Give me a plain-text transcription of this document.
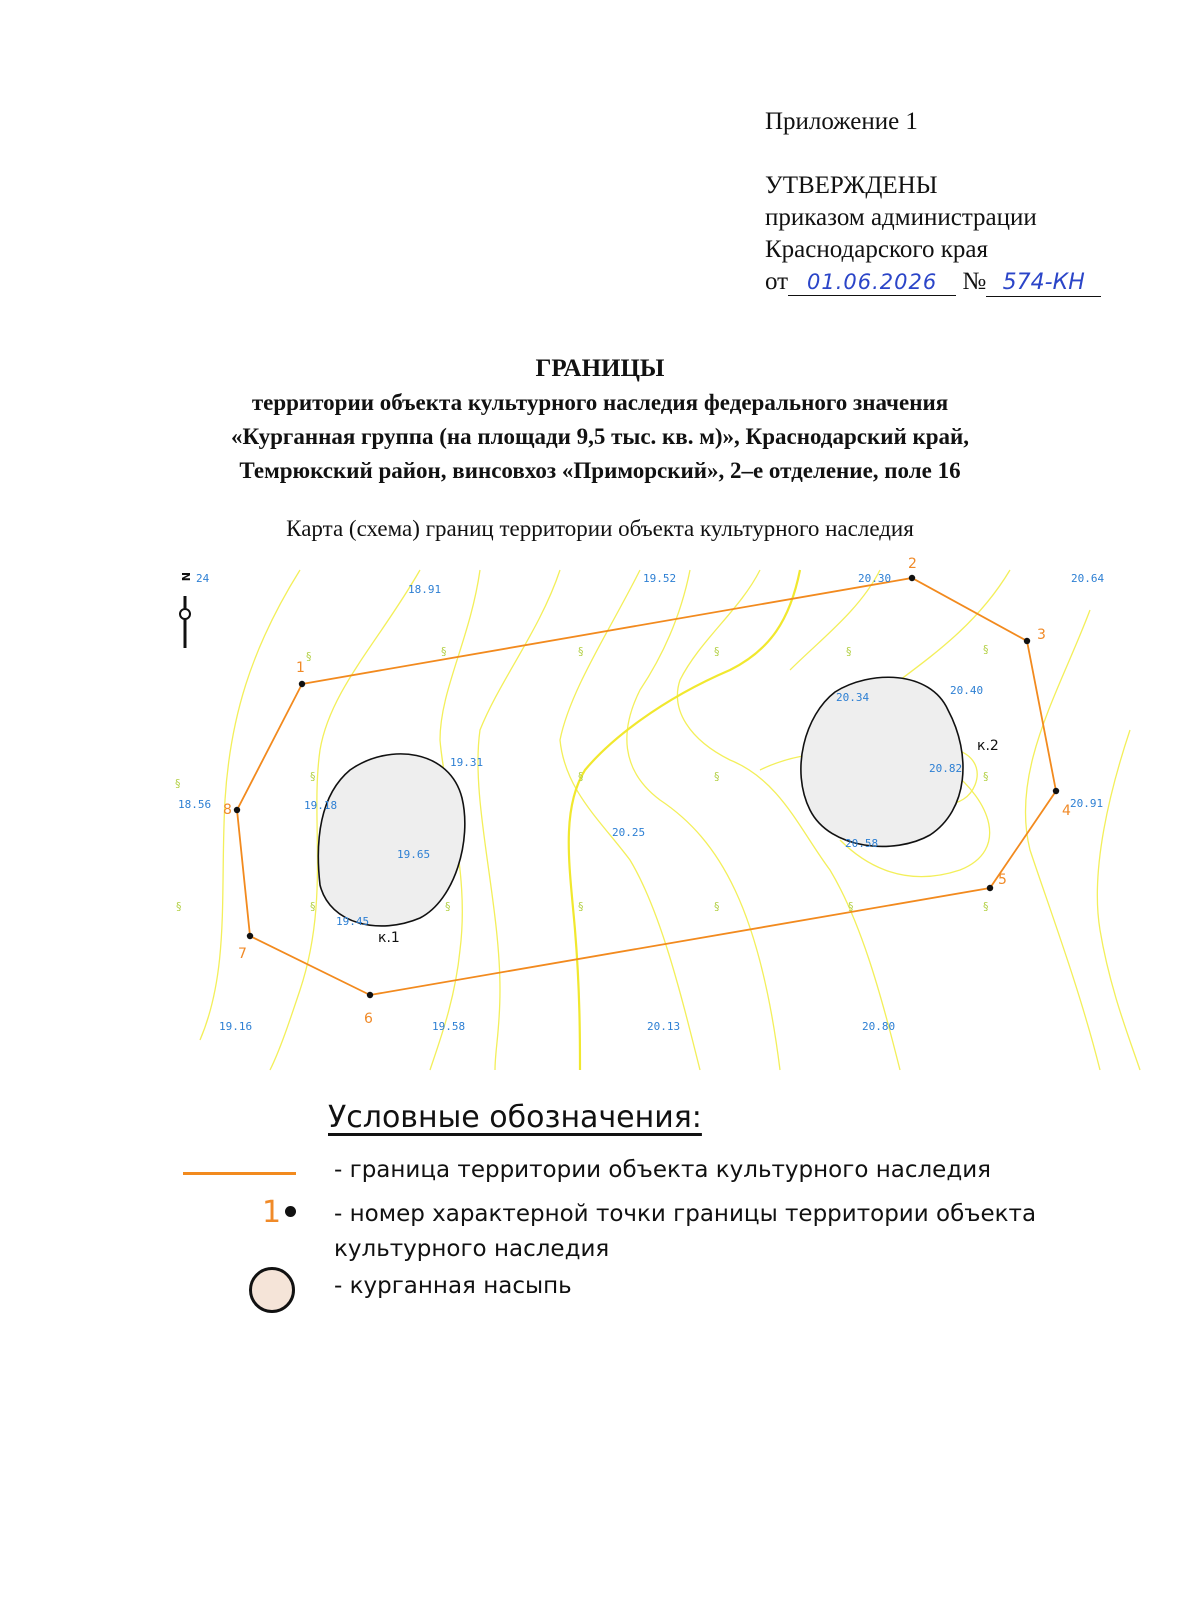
Приложение 1
УТВЕРЖДЕНЫ
приказом администрации
Краснодарского края
от 01.06.2026 № 574-КН
ГРАНИЦЫ
территории объекта культурного наследия федерального значения
«Курганная группа (на площади 9,5 тыс. кв. м)», Краснодарский край,
Темрюкский район, винсовхоз «Приморский», 2–е отделение, поле 16
Карта (схема) границ территории объекта культурного наследия
N
§	§	§	§	§	§
§	§	§	§
§
§	§	§	§	§	§
§
к.1
к.2
24
18.91
19.52	20.30	20.64
20.40
20.34
19.31
19.18
18.56
20.25
19.65
20.82
20.91
20.58
19.45
19.16	19.58	20.13	20.80
1
2
3
4
5
6
7
8
Условные обозначения:
- граница территории объекта культурного наследия
1	- номер характерной точки границы территории объекта
культурного наследия
- курганная насыпь
